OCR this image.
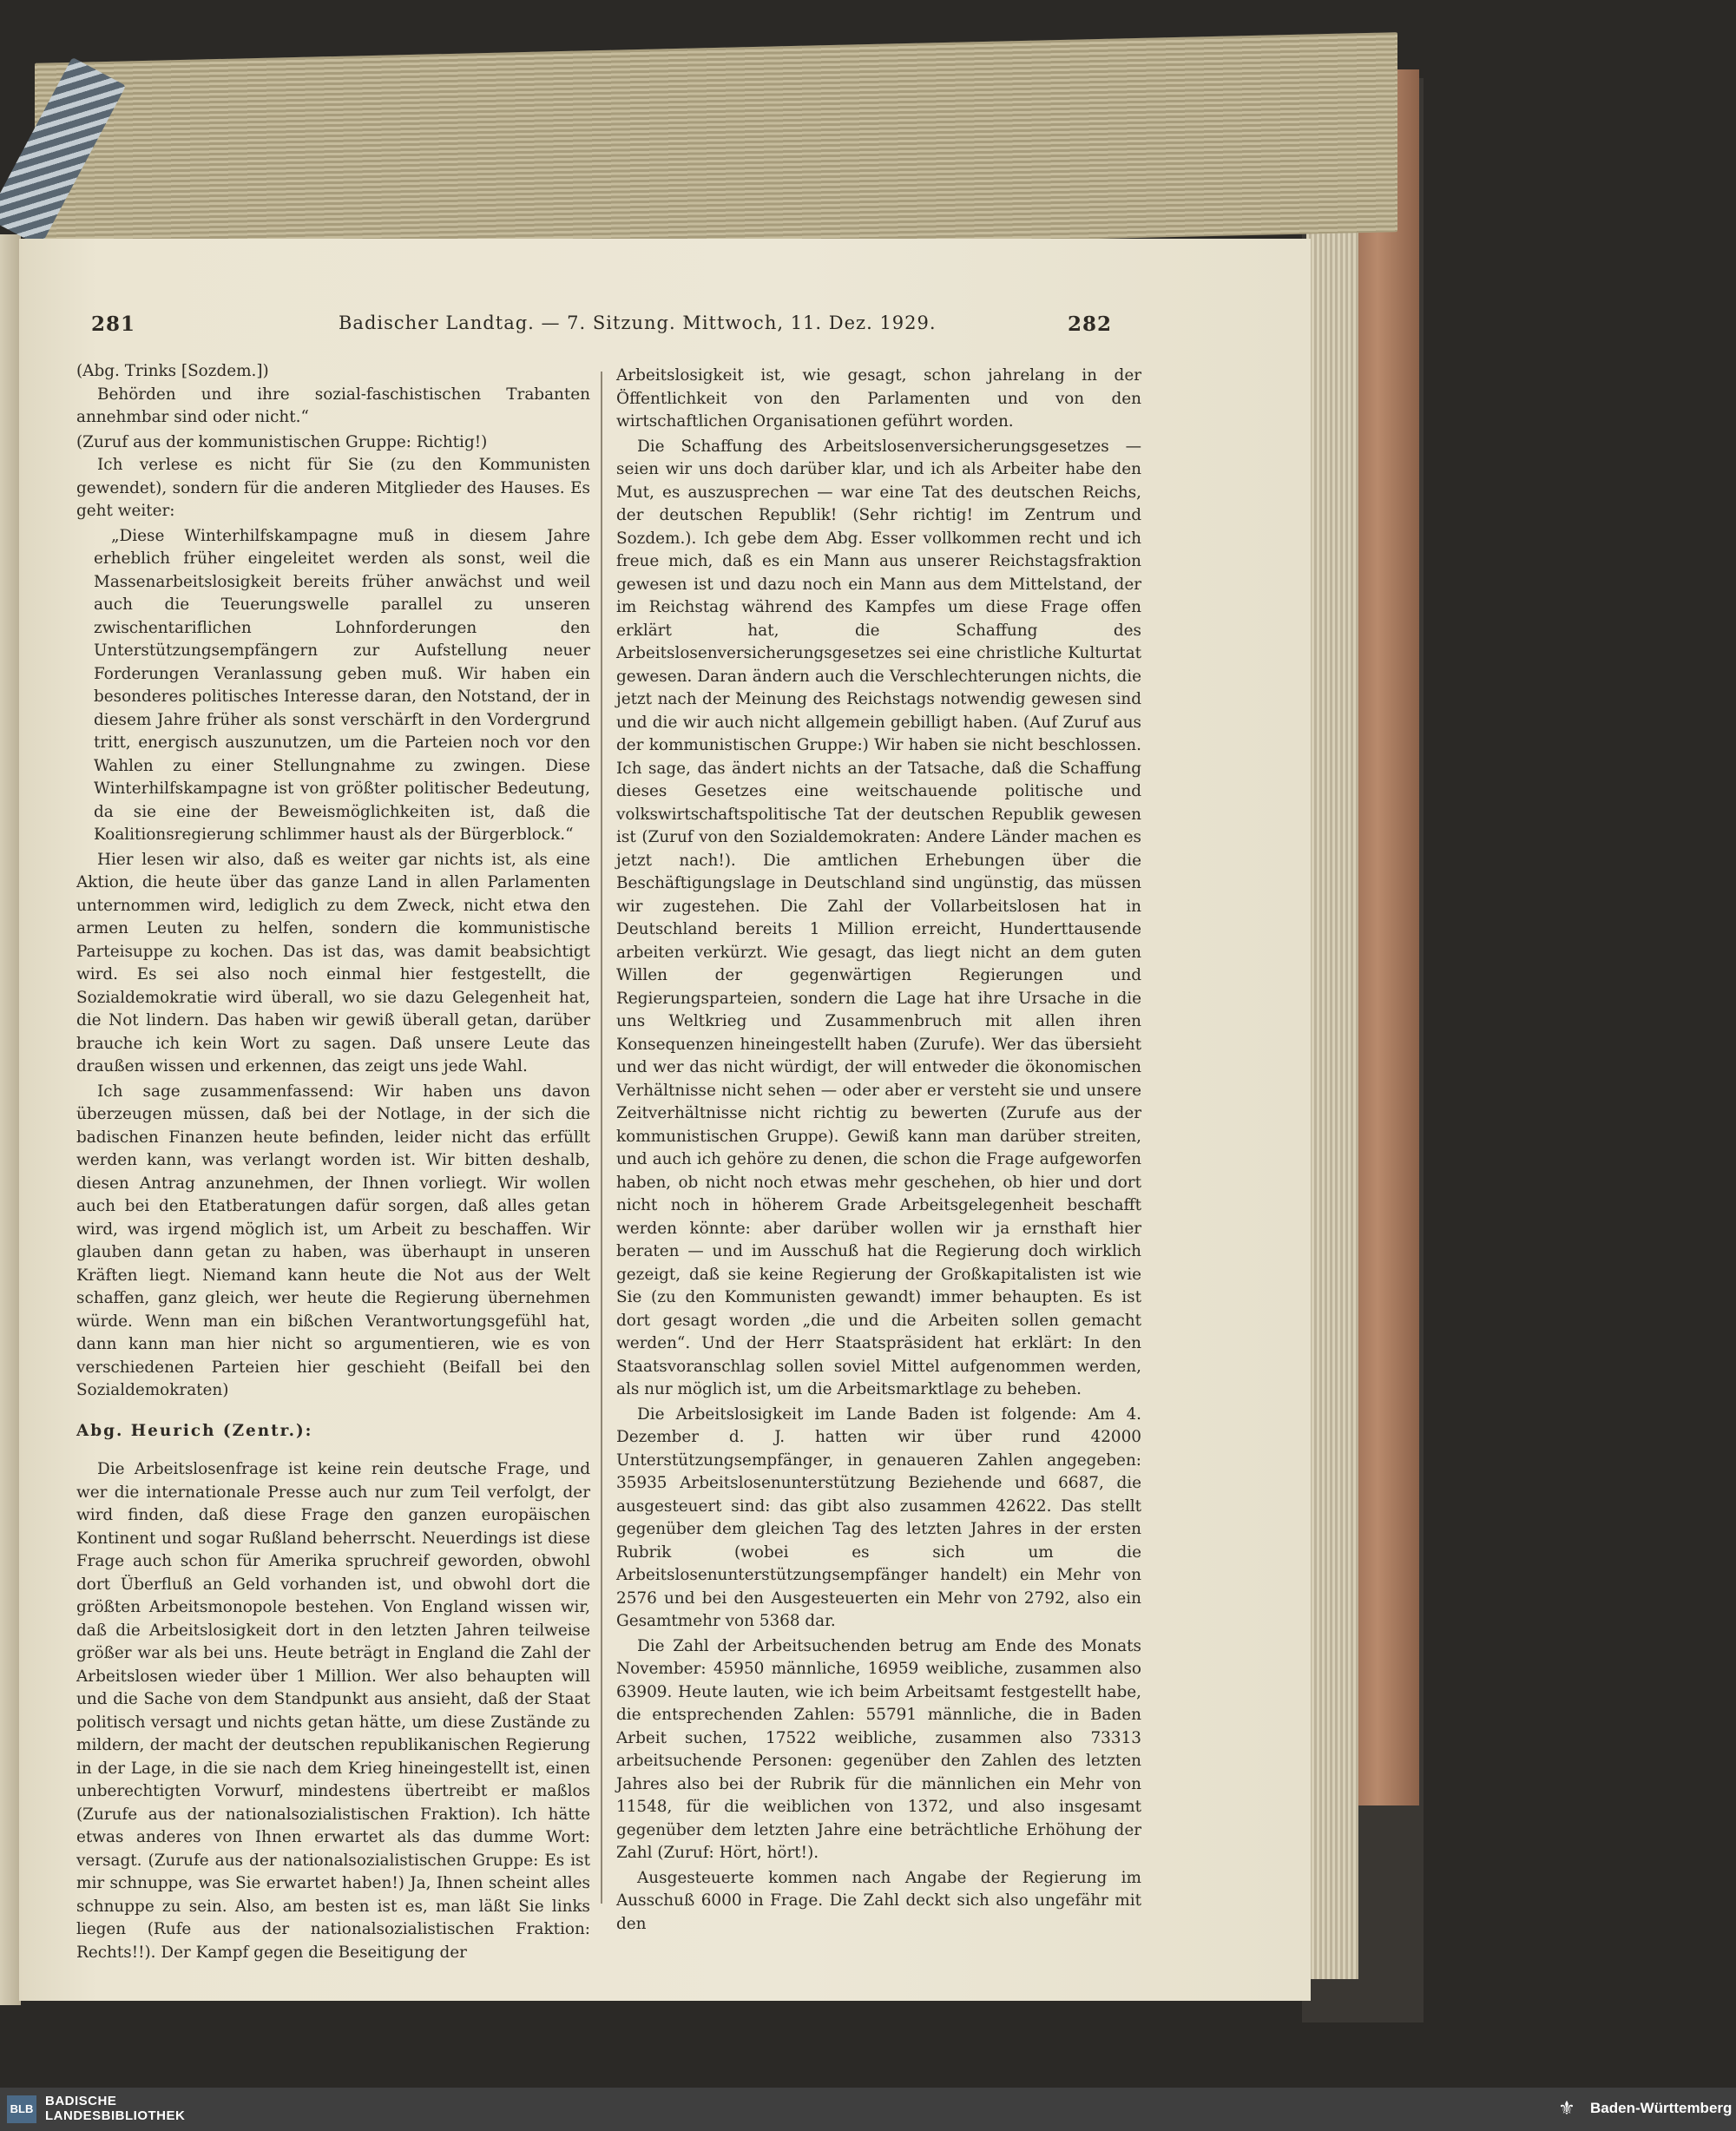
281	Badischer Landtag. — 7. Sitzung. Mittwoch, 11. Dez. 1929.	282

(Abg. Trinks [Sozdem.])

Behörden und ihre sozial-faschistischen Trabanten annehmbar sind oder nicht.“

(Zuruf aus der kommunistischen Gruppe: Richtig!)

Ich verlese es nicht für Sie (zu den Kommunisten gewendet), sondern für die anderen Mitglieder des Hauses. Es geht weiter:

„Diese Winterhilfskampagne muß in diesem Jahre erheblich früher eingeleitet werden als sonst, weil die Massenarbeitslosigkeit bereits früher anwächst und weil auch die Teuerungswelle parallel zu unseren zwischentariflichen Lohnforderungen den Unterstützungsempfängern zur Aufstellung neuer Forderungen Veranlassung geben muß. Wir haben ein besonderes politisches Interesse daran, den Notstand, der in diesem Jahre früher als sonst verschärft in den Vordergrund tritt, energisch auszunutzen, um die Parteien noch vor den Wahlen zu einer Stellungnahme zu zwingen. Diese Winterhilfskampagne ist von größter politischer Bedeutung, da sie eine der Beweismöglichkeiten ist, daß die Koalitionsregierung schlimmer haust als der Bürgerblock.“

Hier lesen wir also, daß es weiter gar nichts ist, als eine Aktion, die heute über das ganze Land in allen Parlamenten unternommen wird, lediglich zu dem Zweck, nicht etwa den armen Leuten zu helfen, sondern die kommunistische Parteisuppe zu kochen. Das ist das, was damit beabsichtigt wird. Es sei also noch einmal hier festgestellt, die Sozialdemokratie wird überall, wo sie dazu Gelegenheit hat, die Not lindern. Das haben wir gewiß überall getan, darüber brauche ich kein Wort zu sagen. Daß unsere Leute das draußen wissen und erkennen, das zeigt uns jede Wahl.

Ich sage zusammenfassend: Wir haben uns davon überzeugen müssen, daß bei der Notlage, in der sich die badischen Finanzen heute befinden, leider nicht das erfüllt werden kann, was verlangt worden ist. Wir bitten deshalb, diesen Antrag anzunehmen, der Ihnen vorliegt. Wir wollen auch bei den Etatberatungen dafür sorgen, daß alles getan wird, was irgend möglich ist, um Arbeit zu beschaffen. Wir glauben dann getan zu haben, was überhaupt in unseren Kräften liegt. Niemand kann heute die Not aus der Welt schaffen, ganz gleich, wer heute die Regierung übernehmen würde. Wenn man ein bißchen Verantwortungsgefühl hat, dann kann man hier nicht so argumentieren, wie es von verschiedenen Parteien hier geschieht (Beifall bei den Sozialdemokraten)

Abg. Heurich (Zentr.):

Die Arbeitslosenfrage ist keine rein deutsche Frage, und wer die internationale Presse auch nur zum Teil verfolgt, der wird finden, daß diese Frage den ganzen europäischen Kontinent und sogar Rußland beherrscht. Neuerdings ist diese Frage auch schon für Amerika spruchreif geworden, obwohl dort Überfluß an Geld vorhanden ist, und obwohl dort die größten Arbeitsmonopole bestehen. Von England wissen wir, daß die Arbeitslosigkeit dort in den letzten Jahren teilweise größer war als bei uns. Heute beträgt in England die Zahl der Arbeitslosen wieder über 1 Million. Wer also behaupten will und die Sache von dem Standpunkt aus ansieht, daß der Staat politisch versagt und nichts getan hätte, um diese Zustände zu mildern, der macht der deutschen republikanischen Regierung in der Lage, in die sie nach dem Krieg hineingestellt ist, einen unberechtigten Vorwurf, mindestens übertreibt er maßlos (Zurufe aus der nationalsozialistischen Fraktion). Ich hätte etwas anderes von Ihnen erwartet als das dumme Wort: versagt. (Zurufe aus der nationalsozialistischen Gruppe: Es ist mir schnuppe, was Sie erwartet haben!) Ja, Ihnen scheint alles schnuppe zu sein. Also, am besten ist es, man läßt Sie links liegen (Rufe aus der nationalsozialistischen Fraktion: Rechts!!). Der Kampf gegen die Beseitigung der

Arbeitslosigkeit ist, wie gesagt, schon jahrelang in der Öffentlichkeit von den Parlamenten und von den wirtschaftlichen Organisationen geführt worden.

Die Schaffung des Arbeitslosenversicherungsgesetzes — seien wir uns doch darüber klar, und ich als Arbeiter habe den Mut, es auszusprechen — war eine Tat des deutschen Reichs, der deutschen Republik! (Sehr richtig! im Zentrum und Sozdem.). Ich gebe dem Abg. Esser vollkommen recht und ich freue mich, daß es ein Mann aus unserer Reichstagsfraktion gewesen ist und dazu noch ein Mann aus dem Mittelstand, der im Reichstag während des Kampfes um diese Frage offen erklärt hat, die Schaffung des Arbeitslosenversicherungsgesetzes sei eine christliche Kulturtat gewesen. Daran ändern auch die Verschlechterungen nichts, die jetzt nach der Meinung des Reichstags notwendig gewesen sind und die wir auch nicht allgemein gebilligt haben. (Auf Zuruf aus der kommunistischen Gruppe:) Wir haben sie nicht beschlossen. Ich sage, das ändert nichts an der Tatsache, daß die Schaffung dieses Gesetzes eine weitschauende politische und volkswirtschaftspolitische Tat der deutschen Republik gewesen ist (Zuruf von den Sozialdemokraten: Andere Länder machen es jetzt nach!). Die amtlichen Erhebungen über die Beschäftigungslage in Deutschland sind ungünstig, das müssen wir zugestehen. Die Zahl der Vollarbeitslosen hat in Deutschland bereits 1 Million erreicht, Hunderttausende arbeiten verkürzt. Wie gesagt, das liegt nicht an dem guten Willen der gegenwärtigen Regierungen und Regierungsparteien, sondern die Lage hat ihre Ursache in die uns Weltkrieg und Zusammenbruch mit allen ihren Konsequenzen hineingestellt haben (Zurufe). Wer das übersieht und wer das nicht würdigt, der will entweder die ökonomischen Verhältnisse nicht sehen — oder aber er versteht sie und unsere Zeitverhältnisse nicht richtig zu bewerten (Zurufe aus der kommunistischen Gruppe). Gewiß kann man darüber streiten, und auch ich gehöre zu denen, die schon die Frage aufgeworfen haben, ob nicht noch etwas mehr geschehen, ob hier und dort nicht noch in höherem Grade Arbeitsgelegenheit beschafft werden könnte: aber darüber wollen wir ja ernsthaft hier beraten — und im Ausschuß hat die Regierung doch wirklich gezeigt, daß sie keine Regierung der Großkapitalisten ist wie Sie (zu den Kommunisten gewandt) immer behaupten. Es ist dort gesagt worden „die und die Arbeiten sollen gemacht werden“. Und der Herr Staatspräsident hat erklärt: In den Staatsvoranschlag sollen soviel Mittel aufgenommen werden, als nur möglich ist, um die Arbeitsmarktlage zu beheben.

Die Arbeitslosigkeit im Lande Baden ist folgende: Am 4. Dezember d. J. hatten wir über rund 42000 Unterstützungsempfänger, in genaueren Zahlen angegeben: 35935 Arbeitslosenunterstützung Beziehende und 6687, die ausgesteuert sind: das gibt also zusammen 42622. Das stellt gegenüber dem gleichen Tag des letzten Jahres in der ersten Rubrik (wobei es sich um die Arbeitslosenunterstützungsempfänger handelt) ein Mehr von 2576 und bei den Ausgesteuerten ein Mehr von 2792, also ein Gesamtmehr von 5368 dar.

Die Zahl der Arbeitsuchenden betrug am Ende des Monats November: 45950 männliche, 16959 weibliche, zusammen also 63909. Heute lauten, wie ich beim Arbeitsamt festgestellt habe, die entsprechenden Zahlen: 55791 männliche, die in Baden Arbeit suchen, 17522 weibliche, zusammen also 73313 arbeitsuchende Personen: gegenüber den Zahlen des letzten Jahres also bei der Rubrik für die männlichen ein Mehr von 11548, für die weiblichen von 1372, und also insgesamt gegenüber dem letzten Jahre eine beträchtliche Erhöhung der Zahl (Zuruf: Hört, hört!).

Ausgesteuerte kommen nach Angabe der Regierung im Ausschuß 6000 in Frage. Die Zahl deckt sich also ungefähr mit den

BLB
BADISCHE
LANDESBIBLIOTHEK	⚜	Baden-Württemberg
